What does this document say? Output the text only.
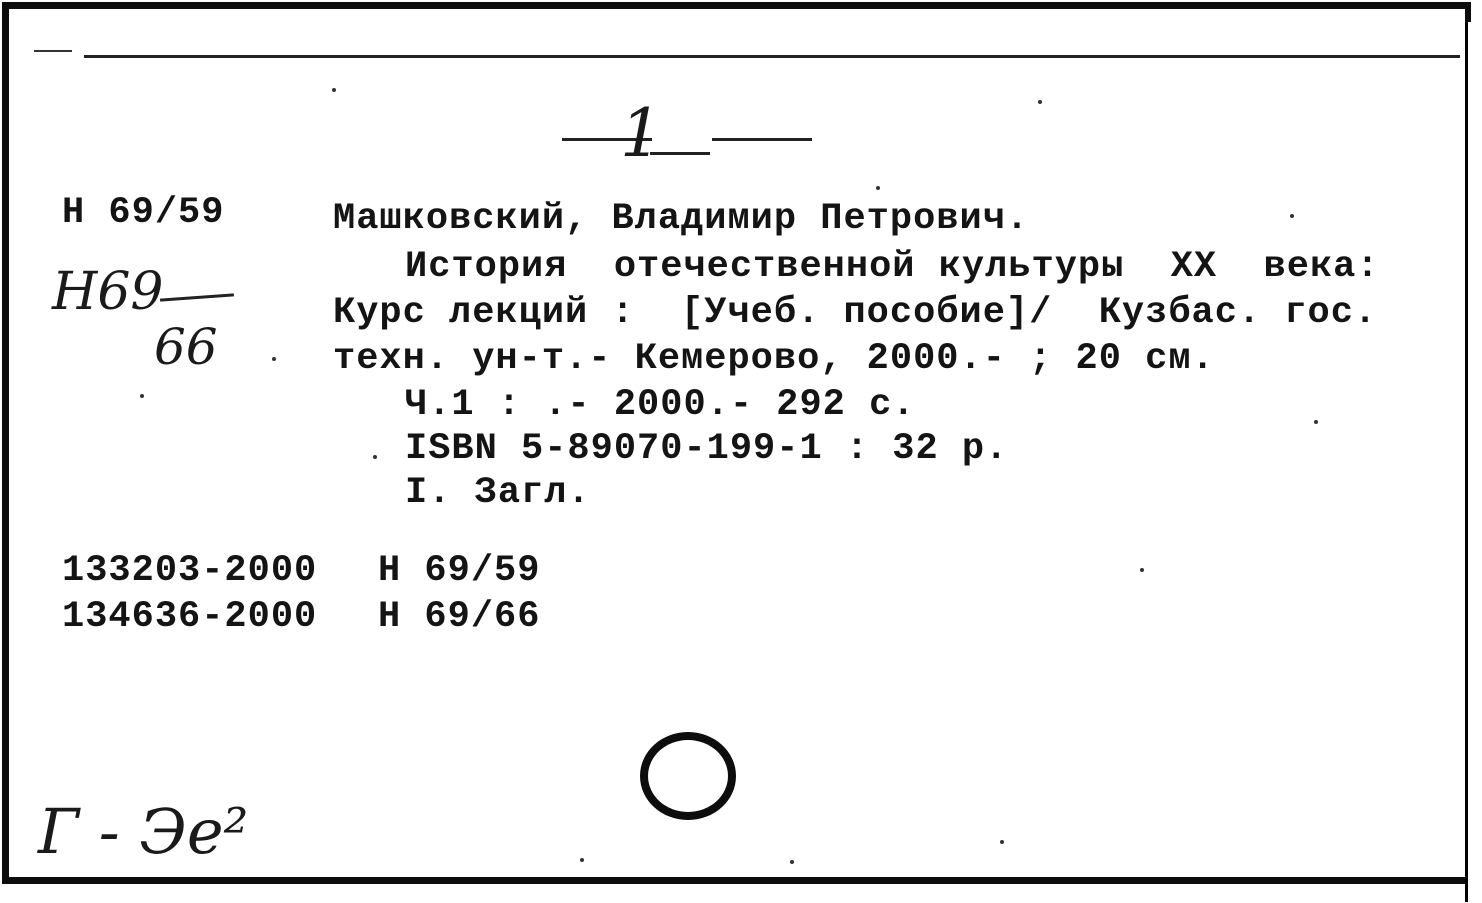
1
Н 69/59
Н69
66
Машковский, Владимир Петрович.
История  отечественной культуры  XX  века:
Курс лекций :  [Учеб. пособие]/  Кузбас. гос.
техн. ун-т.- Кемерово, 2000.- ; 20 см.
Ч.1 : .- 2000.- 292 с.
ISBN 5-89070-199-1 : 32 р.
I. Загл.
133203-2000 Н 69/59
134636-2000 Н 69/66
Г - Эе²
